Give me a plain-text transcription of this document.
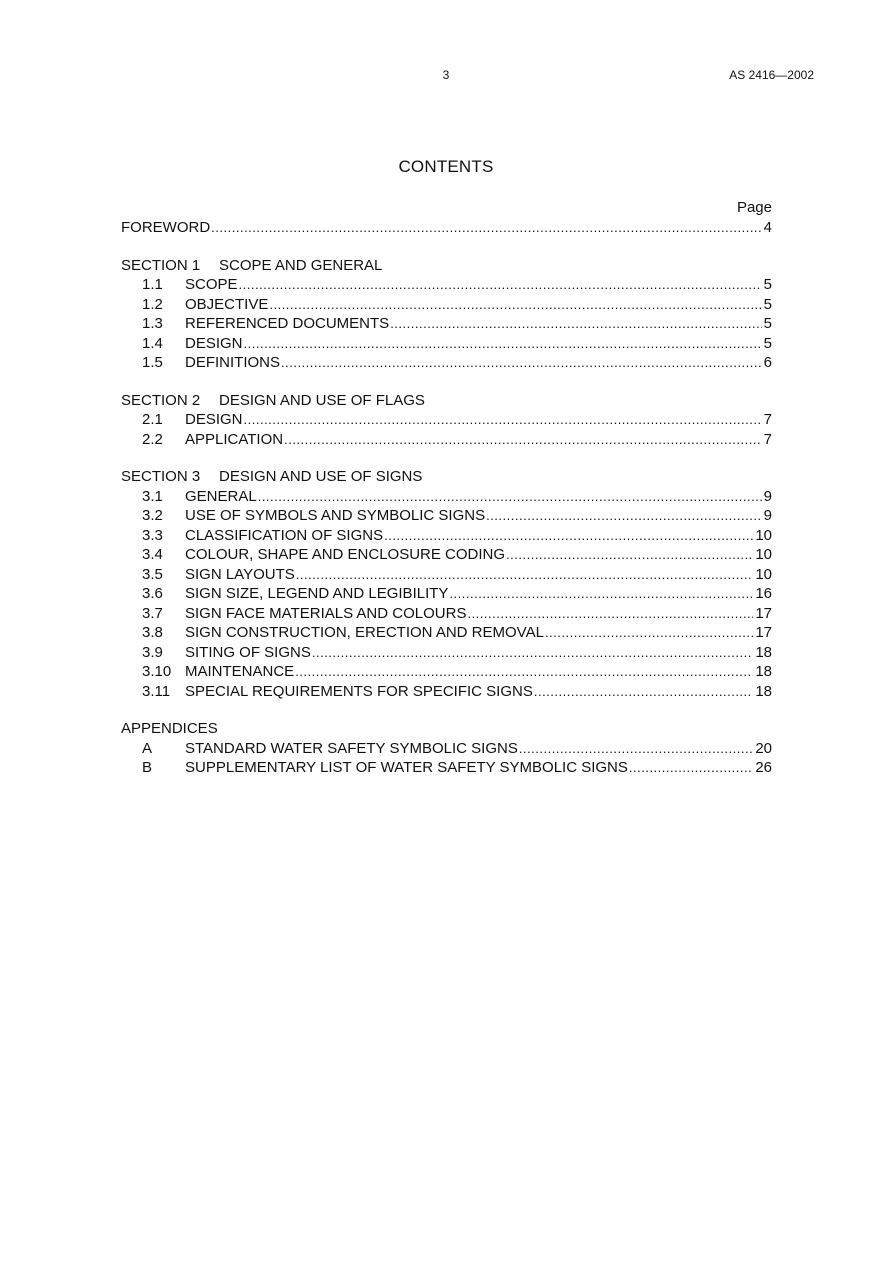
3	AS 2416—2002
CONTENTS
Page
FOREWORD .....	4
SECTION 1 SCOPE AND GENERAL
1.1	SCOPE .....	5
1.2	OBJECTIVE .....	5
1.3	REFERENCED DOCUMENTS .....	5
1.4	DESIGN .....	5
1.5	DEFINITIONS .....	6
SECTION 2 DESIGN AND USE OF FLAGS
2.1	DESIGN .....	7
2.2	APPLICATION .....	7
SECTION 3 DESIGN AND USE OF SIGNS
3.1	GENERAL .....	9
3.2	USE OF SYMBOLS AND SYMBOLIC SIGNS .....	9
3.3	CLASSIFICATION OF SIGNS .....	10
3.4	COLOUR, SHAPE AND ENCLOSURE CODING .....	10
3.5	SIGN LAYOUTS .....	10
3.6	SIGN SIZE, LEGEND AND LEGIBILITY .....	16
3.7	SIGN FACE MATERIALS AND COLOURS .....	17
3.8	SIGN CONSTRUCTION, ERECTION AND REMOVAL .....	17
3.9	SITING OF SIGNS .....	18
3.10 MAINTENANCE .....	18
3.11 SPECIAL REQUIREMENTS FOR SPECIFIC SIGNS .....	18
APPENDICES
A	STANDARD WATER SAFETY SYMBOLIC SIGNS .....	20
B	SUPPLEMENTARY LIST OF WATER SAFETY SYMBOLIC SIGNS .....	26
